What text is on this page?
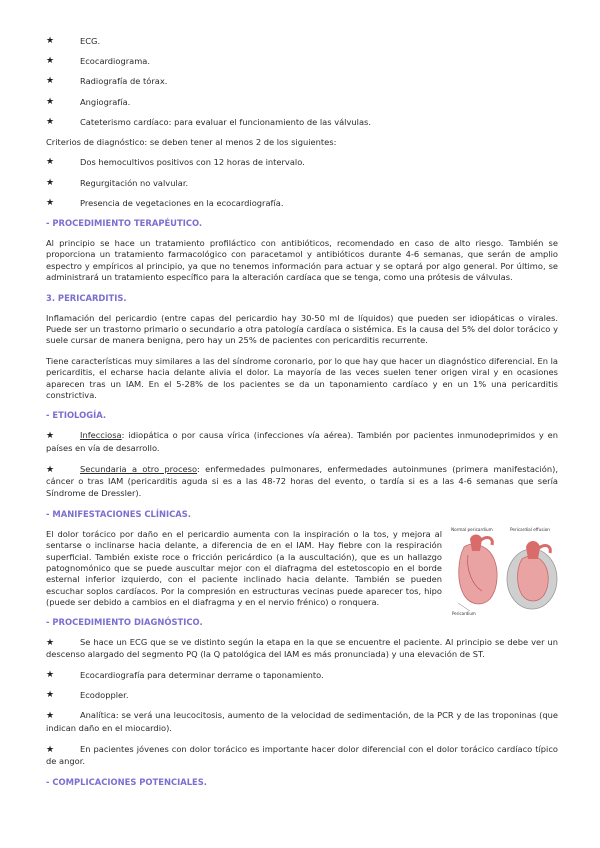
★	ECG.
★	Ecocardiograma.
★	Radiografía de tórax.
★	Angiografía.
★	Cateterismo cardíaco: para evaluar el funcionamiento de las válvulas.
Criterios de diagnóstico: se deben tener al menos 2 de los siguientes:
★	Dos hemocultivos positivos con 12 horas de intervalo.
★	Regurgitación no valvular.
★	Presencia de vegetaciones en la ecocardiografía.
- PROCEDIMIENTO TERAPÉUTICO.
Al principio se hace un tratamiento profiláctico con antibióticos, recomendado en caso de alto riesgo. También se proporciona un tratamiento farmacológico con paracetamol y antibióticos durante 4-6 semanas, que serán de amplio espectro y empíricos al principio, ya que no tenemos información para actuar y se optará por algo general. Por último, se administrará un tratamiento específico para la alteración cardíaca que se tenga, como una prótesis de válvulas.
3. PERICARDITIS.
Inflamación del pericardio (entre capas del pericardio hay 30-50 ml de líquidos) que pueden ser idiopáticas o virales. Puede ser un trastorno primario o secundario a otra patología cardíaca o sistémica. Es la causa del 5% del dolor torácico y suele cursar de manera benigna, pero hay un 25% de pacientes con pericarditis recurrente.
Tiene características muy similares a las del síndrome coronario, por lo que hay que hacer un diagnóstico diferencial. En la pericarditis, el echarse hacia delante alivia el dolor. La mayoría de las veces suelen tener origen viral y en ocasiones aparecen tras un IAM. En el 5-28% de los pacientes se da un taponamiento cardíaco y en un 1% una pericarditis constrictiva.
- ETIOLOGÍA.
★	Infecciosa: idiopática o por causa vírica (infecciones vía aérea). También por pacientes inmunodeprimidos y en países en vía de desarrollo.
★	Secundaria a otro proceso: enfermedades pulmonares, enfermedades autoinmunes (primera manifestación), cáncer o tras IAM (pericarditis aguda si es a las 48-72 horas del evento, o tardía si es a las 4-6 semanas que sería Síndrome de Dressler).
- MANIFESTACIONES CLÍNICAS.
El dolor torácico por daño en el pericardio aumenta con la inspiración o la tos, y mejora al sentarse o inclinarse hacia delante, a diferencia de en el IAM. Hay fiebre con la respiración superficial. También existe roce o fricción pericárdico (a la auscultación), que es un hallazgo patognomónico que se puede auscultar mejor con el diafragma del estetoscopio en el borde esternal inferior izquierdo, con el paciente inclinado hacia delante. También se pueden escuchar soplos cardíacos. Por la compresión en estructuras vecinas puede aparecer tos, hipo (puede ser debido a cambios en el diafragma y en el nervio frénico) o ronquera.
Normal pericardium	Pericardial effusion
Pericardium
- PROCEDIMIENTO DIAGNÓSTICO.
★	Se hace un ECG que se ve distinto según la etapa en la que se encuentre el paciente. Al principio se debe ver un descenso alargado del segmento PQ (la Q patológica del IAM es más pronunciada) y una elevación de ST.
★	Ecocardiografía para determinar derrame o taponamiento.
★	Ecodoppler.
★	Analítica: se verá una leucocitosis, aumento de la velocidad de sedimentación, de la PCR y de las troponinas (que indican daño en el miocardio).
★	En pacientes jóvenes con dolor torácico es importante hacer dolor diferencial con el dolor torácico cardíaco típico de angor.
- COMPLICACIONES POTENCIALES.
